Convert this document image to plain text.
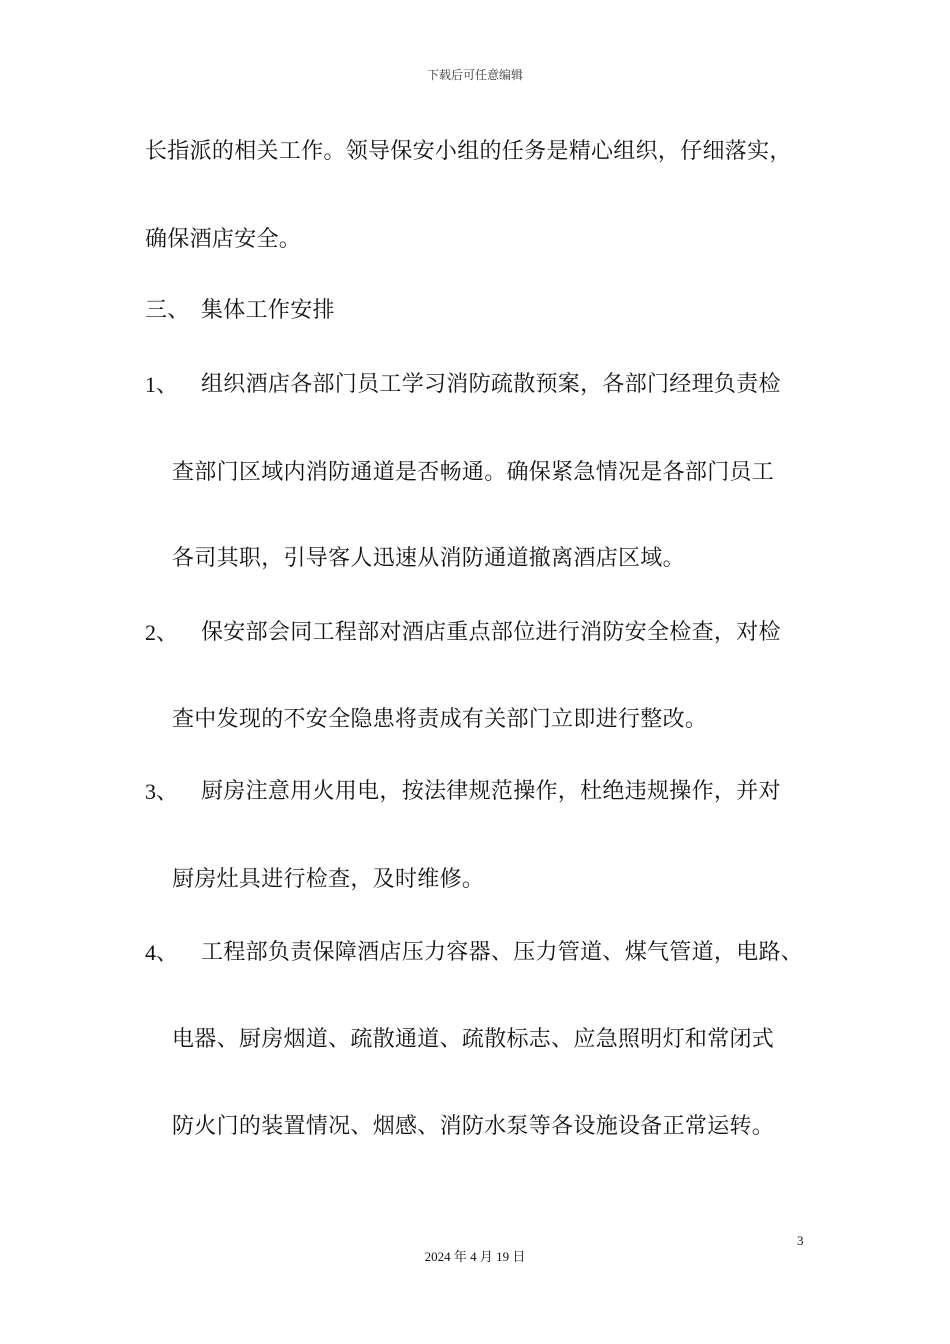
下载后可任意编辑
长指派的相关工作。领导保安小组的任务是精心组织，仔细落实，
确保酒店安全。
三、 集体工作安排
1、 组织酒店各部门员工学习消防疏散预案，各部门经理负责检
查部门区域内消防通道是否畅通。确保紧急情况是各部门员工
各司其职，引导客人迅速从消防通道撤离酒店区域。
2、 保安部会同工程部对酒店重点部位进行消防安全检查，对检
查中发现的不安全隐患将责成有关部门立即进行整改。
3、 厨房注意用火用电，按法律规范操作，杜绝违规操作，并对
厨房灶具进行检查，及时维修。
4、 工程部负责保障酒店压力容器、压力管道、煤气管道，电路、
电器、厨房烟道、疏散通道、疏散标志、应急照明灯和常闭式
防火门的装置情况、烟感、消防水泵等各设施设备正常运转。
3
2024 年 4 月 19 日
